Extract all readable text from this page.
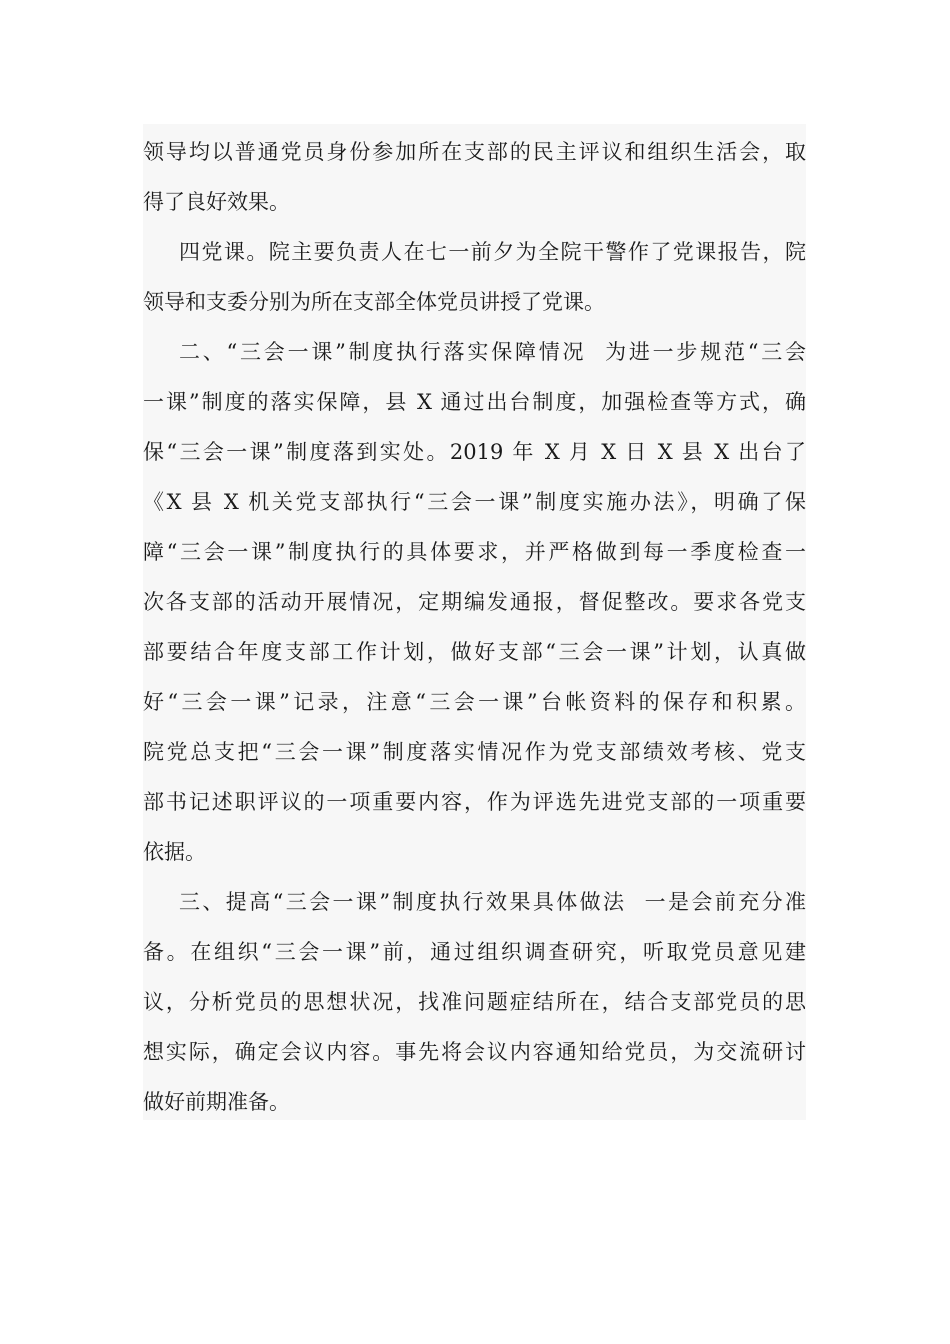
领导均以普通党员身份参加所在支部的民主评议和组织生活会，取
得了良好效果。
四党课。院主要负责人在七一前夕为全院干警作了党课报告，院
领导和支委分别为所在支部全体党员讲授了党课。
二、“三会一课”制度执行落实保障情况  为进一步规范“三会
一课”制度的落实保障，县 X 通过出台制度，加强检查等方式，确
保“三会一课”制度落到实处。2019 年 X 月 X 日 X 县 X 出台了
《X 县 X 机关党支部执行“三会一课”制度实施办法》，明确了保
障“三会一课”制度执行的具体要求，并严格做到每一季度检查一
次各支部的活动开展情况，定期编发通报，督促整改。要求各党支
部要结合年度支部工作计划，做好支部“三会一课”计划，认真做
好“三会一课”记录，注意“三会一课”台帐资料的保存和积累。
院党总支把“三会一课”制度落实情况作为党支部绩效考核、党支
部书记述职评议的一项重要内容，作为评选先进党支部的一项重要
依据。
三、提高“三会一课”制度执行效果具体做法  一是会前充分准
备。在组织“三会一课”前，通过组织调查研究，听取党员意见建
议，分析党员的思想状况，找准问题症结所在，结合支部党员的思
想实际，确定会议内容。事先将会议内容通知给党员，为交流研讨
做好前期准备。
